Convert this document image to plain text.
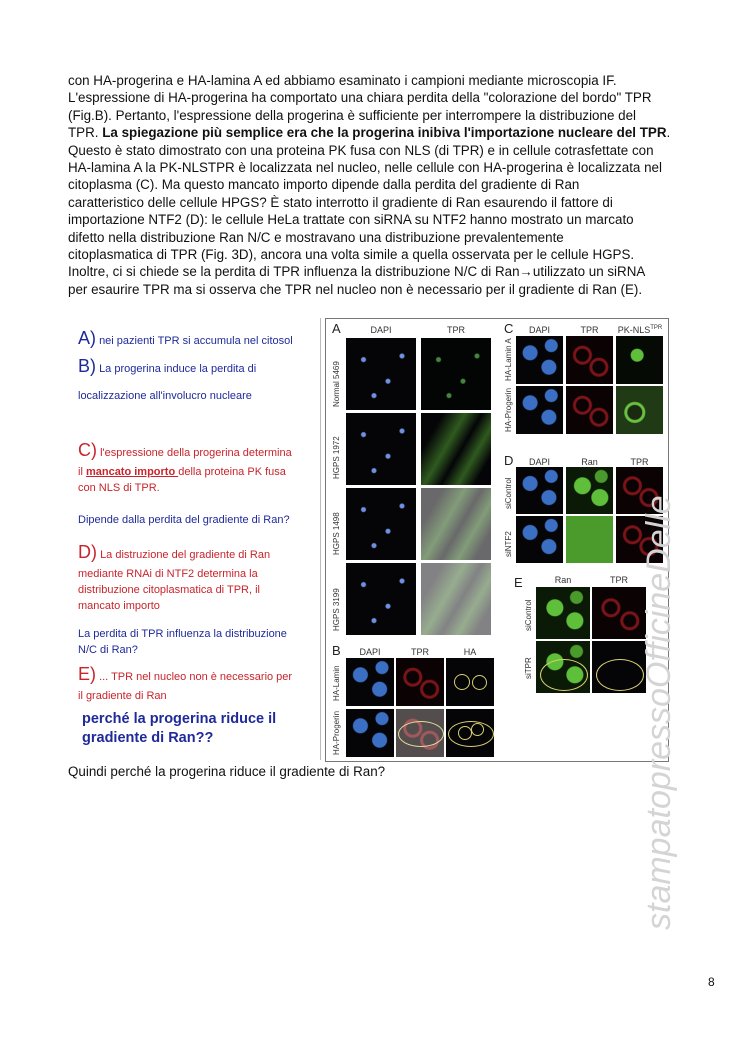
con HA-progerina e HA-lamina A ed abbiamo esaminato i campioni mediante microscopia IF.

L'espressione di HA-progerina ha comportato una chiara perdita della "colorazione del bordo" TPR

(Fig.B). Pertanto, l'espressione della progerina è sufficiente per interrompere la distribuzione del

TPR. La spiegazione più semplice era che la progerina inibiva l'importazione nucleare del TPR.

Questo è stato dimostrato con una proteina PK fusa con NLS (di TPR) e in cellule cotrasfettate con

HA-lamina A la PK-NLSTPR è localizzata nel nucleo, nelle cellule con HA-progerina è localizzata nel

citoplasma (C). Ma questo mancato importo dipende dalla perdita del gradiente di Ran

caratteristico delle cellule HPGS? È stato interrotto il gradiente di Ran esaurendo il fattore di

importazione NTF2 (D): le cellule HeLa trattate con siRNA su NTF2 hanno mostrato un marcato

difetto nella distribuzione Ran N/C e mostravano una distribuzione prevalentemente

citoplasmatica di TPR (Fig. 3D), ancora una volta simile a quella osservata per le cellule HGPS.

Inoltre, ci si chiede se la perdita di TPR influenza la distribuzione N/C di Ran→utilizzato un siRNA

per esaurire TPR ma si osserva che TPR nel nucleo non è necessario per il gradiente di Ran (E).

A) nei pazienti TPR si accumula nel citosol
B) La progerina induce la perdita di
localizzazione all'involucro nucleare
C) l'espressione della progerina determina
il mancato importo della proteina PK fusa
con NLS di TPR.
Dipende dalla perdita del gradiente di Ran?
D) La distruzione del gradiente di Ran
mediante RNAi di NTF2 determina la
distribuzione citoplasmatica di TPR, il
mancato importo
La perdita di TPR influenza la distribuzione
N/C di Ran?
E) ... TPR nel nucleo non è necessario per
il gradiente di Ran
perché la progerina riduce il
gradiente di Ran??
A	DAPI	TPR
Normal 5469
HGPS 1972
HGPS 1498
HGPS 3199
B	DAPI	TPR	HA
HA-Lamin
HA-Progerin
C	DAPI	TPR	$PK-NLS^{TPR}$
HA-Lamin A
HA-Progerin
D	DAPI	Ran	TPR
siControl
siNTF2
E	Ran	TPR
siControl
siTPR	stampatopressoOfficineDelle
Quindi perché la progerina riduce il gradiente di Ran?
8
